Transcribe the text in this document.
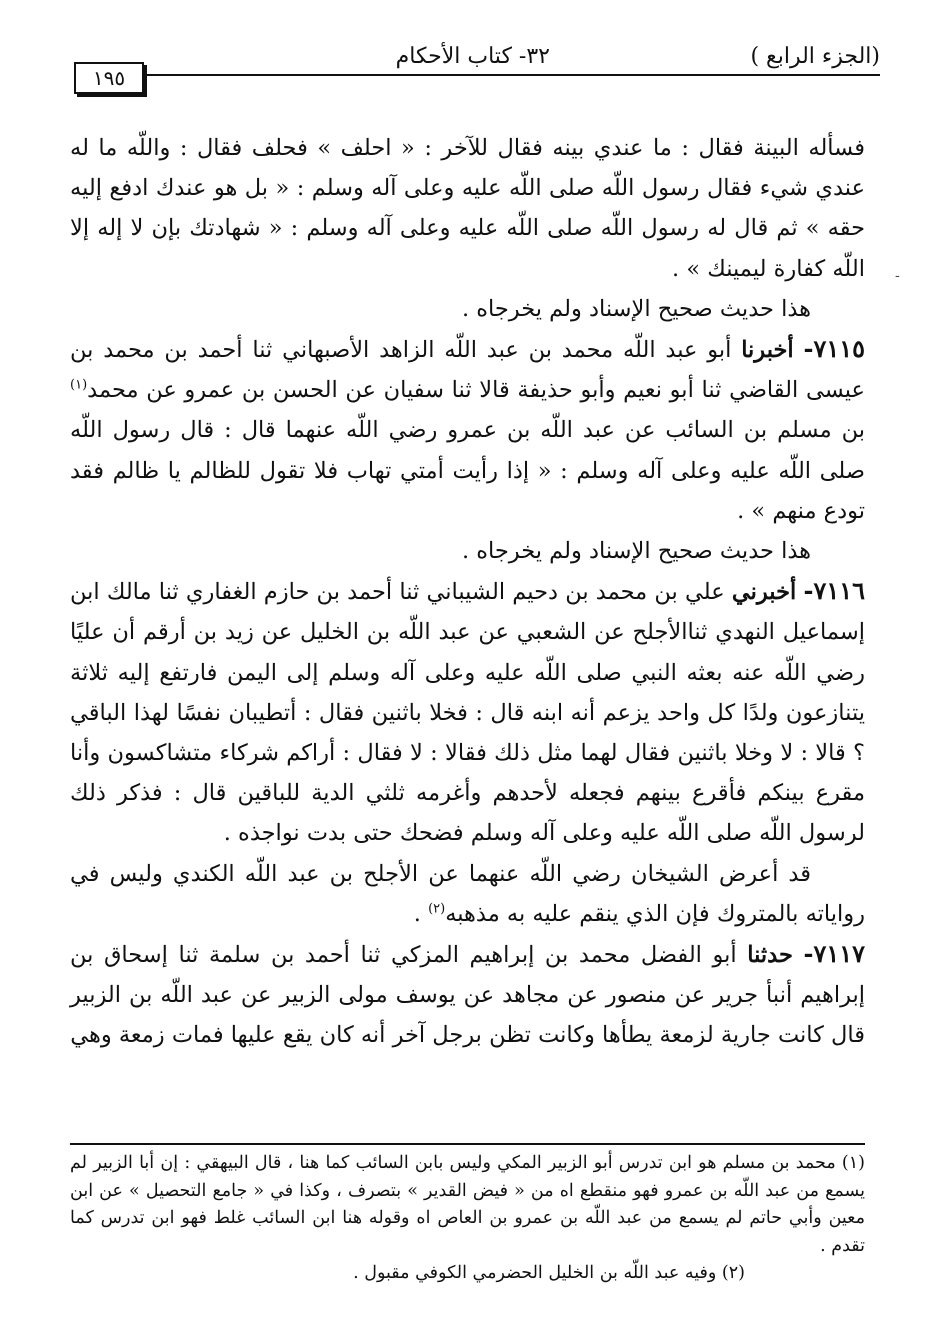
(الجزء الرابع )
٣٢- كتاب الأحكام
١٩٥

فسأله البينة فقال : ما عندي بينه فقال للآخر : « احلف » فحلف فقال : واللّه ما له عندي شيء فقال رسول اللّه صلى اللّه عليه وعلى آله وسلم : « بل هو عندك ادفع إليه حقه » ثم قال له رسول اللّه صلى اللّه عليه وعلى آله وسلم : « شهادتك بإن لا إله إلا اللّه كفارة ليمينك » .

هذا حديث صحيح الإسناد ولم يخرجاه .

٧١١٥- أخبرنا أبو عبد اللّه محمد بن عبد اللّه الزاهد الأصبهاني ثنا أحمد بن محمد بن عيسى القاضي ثنا أبو نعيم وأبو حذيفة قالا ثنا سفيان عن الحسن بن عمرو عن محمد$^{(١)}$ بن مسلم بن السائب عن عبد اللّه بن عمرو رضي اللّه عنهما قال : قال رسول اللّه صلى اللّه عليه وعلى آله وسلم : « إذا رأيت أمتي تهاب فلا تقول للظالم يا ظالم فقد تودع منهم » .

هذا حديث صحيح الإسناد ولم يخرجاه .

٧١١٦- أخبرني علي بن محمد بن دحيم الشيباني ثنا أحمد بن حازم الغفاري ثنا مالك ابن إسماعيل النهدي ثناالأجلح عن الشعبي عن عبد اللّه بن الخليل عن زيد بن أرقم أن عليًا رضي اللّه عنه بعثه النبي صلى اللّه عليه وعلى آله وسلم إلى اليمن فارتفع إليه ثلاثة يتنازعون ولدًا كل واحد يزعم أنه ابنه قال : فخلا باثنين فقال : أتطيبان نفسًا لهذا الباقي ؟ قالا : لا وخلا باثنين فقال لهما مثل ذلك فقالا : لا فقال : أراكم شركاء متشاكسون وأنا مقرع بينكم فأقرع بينهم فجعله لأحدهم وأغرمه ثلثي الدية للباقين قال : فذكر ذلك لرسول اللّه صلى اللّه عليه وعلى آله وسلم فضحك حتى بدت نواجذه .

قد أعرض الشيخان رضي اللّه عنهما عن الأجلح بن عبد اللّه الكندي وليس في رواياته بالمتروك فإن الذي ينقم عليه به مذهبه$^{(٢)}$ .

٧١١٧- حدثنا أبو الفضل محمد بن إبراهيم المزكي ثنا أحمد بن سلمة ثنا إسحاق بن إبراهيم أنبأ جرير عن منصور عن مجاهد عن يوسف مولى الزبير عن عبد اللّه بن الزبير قال كانت جارية لزمعة يطأها وكانت تظن برجل آخر أنه كان يقع عليها فمات زمعة وهي

(١) محمد بن مسلم هو ابن تدرس أبو الزبير المكي وليس بابن السائب كما هنا ، قال البيهقي : إن أبا الزبير لم يسمع من عبد اللّه بن عمرو فهو منقطع اه من « فيض القدير » بتصرف ، وكذا في « جامع التحصيل » عن ابن معين وأبي حاتم لم يسمع من عبد اللّه بن عمرو بن العاص اه وقوله هنا ابن السائب غلط فهو ابن تدرس كما تقدم .

(٢) وفيه عبد اللّه بن الخليل الحضرمي الكوفي مقبول .

-
